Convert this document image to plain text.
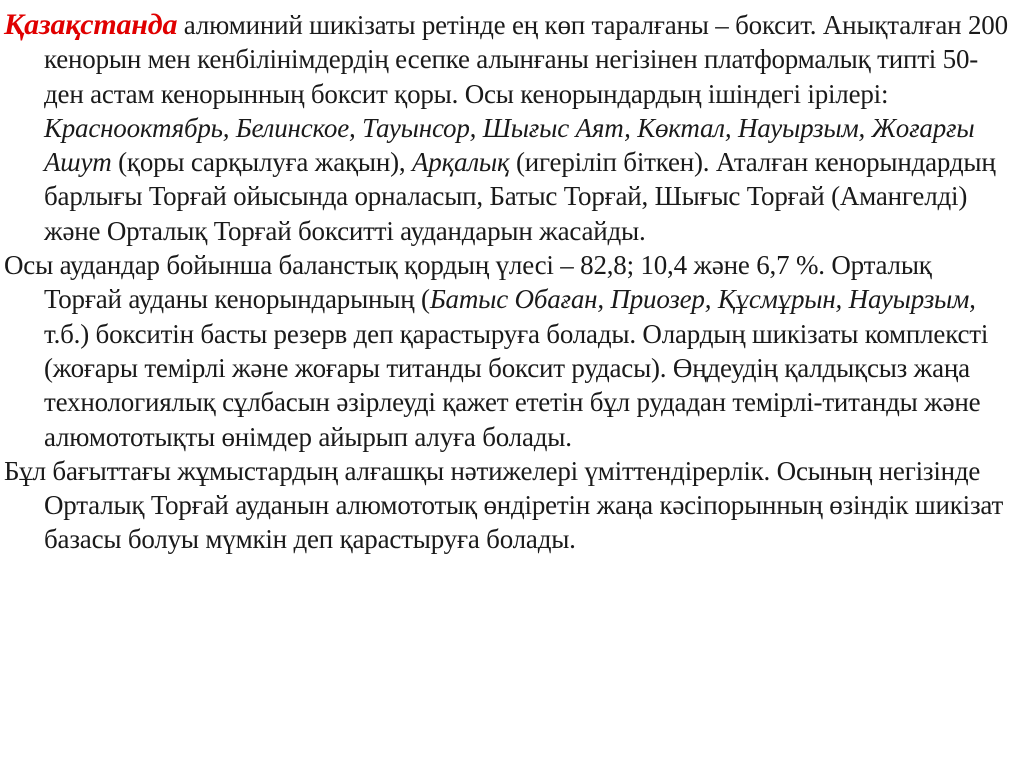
Қазақстанда алюминий шикізаты ретінде ең көп таралғаны – боксит. Анықталған 200 кенорын мен кенбілінімдердің есепке алынғаны негізінен платформалық типті 50-ден астам кенорынның боксит қоры. Осы кенорындардың ішіндегі ірілері: Краснооктябрь, Белинское, Тауынсор, Шығыс Аят, Көктал, Науырзым, Жоғарғы Ашут (қоры сарқылуға жақын), Арқалық (игеріліп біткен). Аталған кенорындардың барлығы Торғай ойысында орналасып, Батыс Торғай, Шығыс Торғай (Амангелді) және Орталық Торғай бокситті аудандарын жасайды.

Осы аудандар бойынша баланстық қордың үлесі – 82,8; 10,4 және 6,7 %. Орталық Торғай ауданы кенорындарының (Батыс Обаған, Приозер, Құсмұрын, Науырзым, т.б.) бокситін басты резерв деп қарастыруға болады. Олардың шикізаты комплексті (жоғары темірлі және жоғары титанды боксит рудасы). Өңдеудің қалдықсыз жаңа технологиялық сұлбасын әзірлеуді қажет ететін бұл рудадан темірлі-титанды және алюмототықты өнімдер айырып алуға болады.

Бұл бағыттағы жұмыстардың алғашқы нәтижелері үміттендірерлік. Осының негізінде Орталық Торғай ауданын алюмототық өндіретін жаңа кәсіпорынның өзіндік шикізат базасы болуы мүмкін деп қарастыруға болады.
